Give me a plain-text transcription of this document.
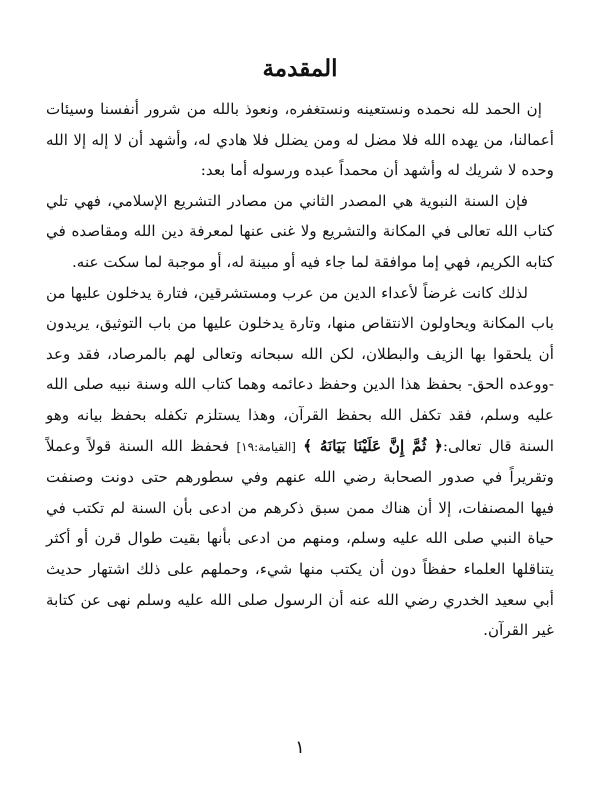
المقدمة

إن الحمد لله نحمده ونستعينه ونستغفره، ونعوذ بالله من شرور أنفسنا وسيئات أعمالنا، من يهده الله فلا مضل له ومن يضلل فلا هادي له، وأشهد أن لا إله إلا الله وحده لا شريك له وأشهد أن محمداً عبده ورسوله أما بعد:

فإن السنة النبوية هي المصدر الثاني من مصادر التشريع الإسلامي، فهي تلي كتاب الله تعالى في المكانة والتشريع ولا غنى عنها لمعرفة دين الله ومقاصده في كتابه الكريم، فهي إما موافقة لما جاء فيه أو مبينة له، أو موجبة لما سكت عنه.

لذلك كانت غرضاً لأعداء الدين من عرب ومستشرقين، فتارة يدخلون عليها من باب المكانة ويحاولون الانتقاص منها، وتارة يدخلون عليها من باب التوثيق، يريدون أن يلحقوا بها الزيف والبطلان، لكن الله سبحانه وتعالى لهم بالمرصاد، فقد وعد -ووعده الحق- بحفظ هذا الدين وحفظ دعائمه وهما كتاب الله وسنة نبيه صلى الله عليه وسلم، فقد تكفل الله بحفظ القرآن، وهذا يستلزم تكفله بحفظ بيانه وهو السنة قال تعالى:﴿ ثُمَّ إِنَّ عَلَيْنَا بَيَانَهُ ﴾ [القيامة:١٩] فحفظ الله السنة قولاً وعملاً وتقريراً في صدور الصحابة رضي الله عنهم وفي سطورهم حتى دونت وصنفت فيها المصنفات، إلا أن هناك ممن سبق ذكرهم من ادعى بأن السنة لم تكتب في حياة النبي صلى الله عليه وسلم، ومنهم من ادعى بأنها بقيت طوال قرن أو أكثر يتناقلها العلماء حفظاً دون أن يكتب منها شيء، وحملهم على ذلك اشتهار حديث أبي سعيد الخدري رضي الله عنه أن الرسول صلى الله عليه وسلم نهى عن كتابة غير القرآن.

١
